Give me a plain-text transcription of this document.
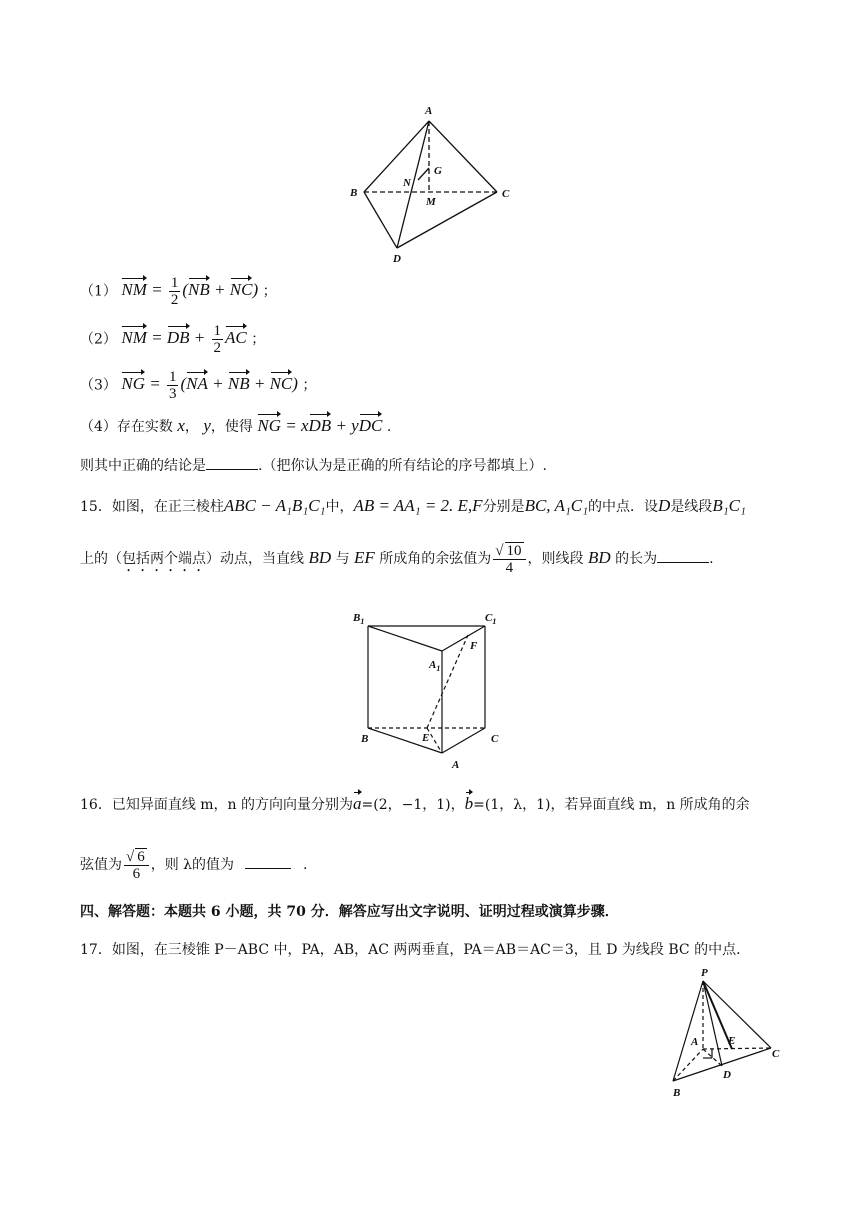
A
B	C
D
G
M
N
（1） NM = $\frac{1}{2} (NB + NC)$ ；
（2） NM = DB + $\frac{1}{2}$ AC ；
（3） NG = $\frac{1}{3} (NA$ + NB + NC) ；
（4）存在实数 x， y，使得 NG = xDB + yDC .
则其中正确的结论是	.（把你认为是正确的所有结论的序号都填上）.
15．如图，在正三棱柱ABC − A₁B₁C₁中，AB = AA₁ = 2. E,F分别是BC, A₁C₁的中点．设D是线段B₁C₁
上的（包括两个端点）动点，当直线 BD 与 EF 所成角的余弦值为 $\frac{√ 10}{4}$ ，则线段 BD 的长为	.
$B_1$	$C_1$
$A_1$
F
B	C
E
A
16．已知异面直线 m，n 的方向向量分别为a=(2，−1，1)，b=(1，λ，1)，若异面直线 m，n 所成角的余
弦值为 $\frac{√ 6}{6}$ ，则 λ的值为	.
四、解答题：本题共 6 小题，共 70 分．解答应写出文字说明、证明过程或演算步骤．
17．如图，在三棱锥 P－ABC 中，PA，AB，AC 两两垂直，PA＝AB＝AC＝3，且 D 为线段 BC 的中点．
P
A	E
C
D
B
